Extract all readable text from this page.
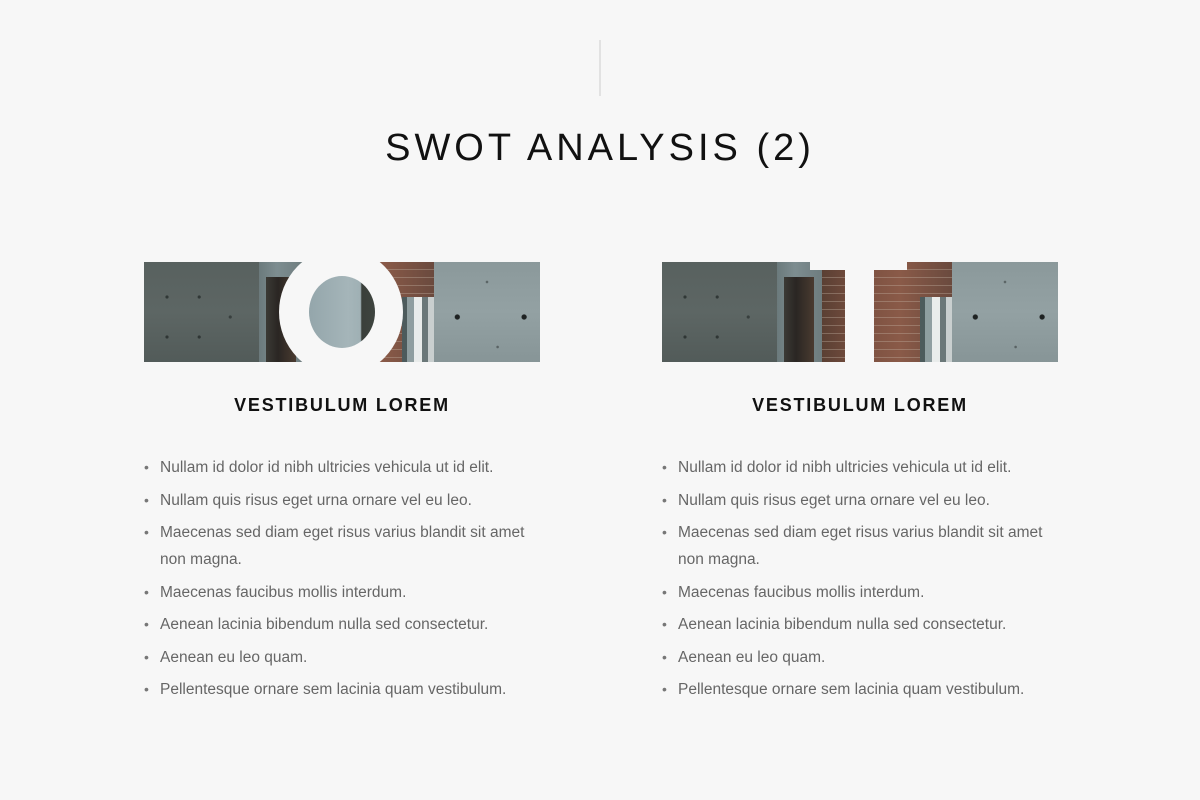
SWOT ANALYSIS (2)
VESTIBULUM LOREM
• Nullam id dolor id nibh ultricies vehicula ut id elit.
• Nullam quis risus eget urna ornare vel eu leo.
• Maecenas sed diam eget risus varius blandit sit amet non magna.
• Maecenas faucibus mollis interdum.
• Aenean lacinia bibendum nulla sed consectetur.
• Aenean eu leo quam.
• Pellentesque ornare sem lacinia quam vestibulum.
VESTIBULUM LOREM
• Nullam id dolor id nibh ultricies vehicula ut id elit.
• Nullam quis risus eget urna ornare vel eu leo.
• Maecenas sed diam eget risus varius blandit sit amet non magna.
• Maecenas faucibus mollis interdum.
• Aenean lacinia bibendum nulla sed consectetur.
• Aenean eu leo quam.
• Pellentesque ornare sem lacinia quam vestibulum.
